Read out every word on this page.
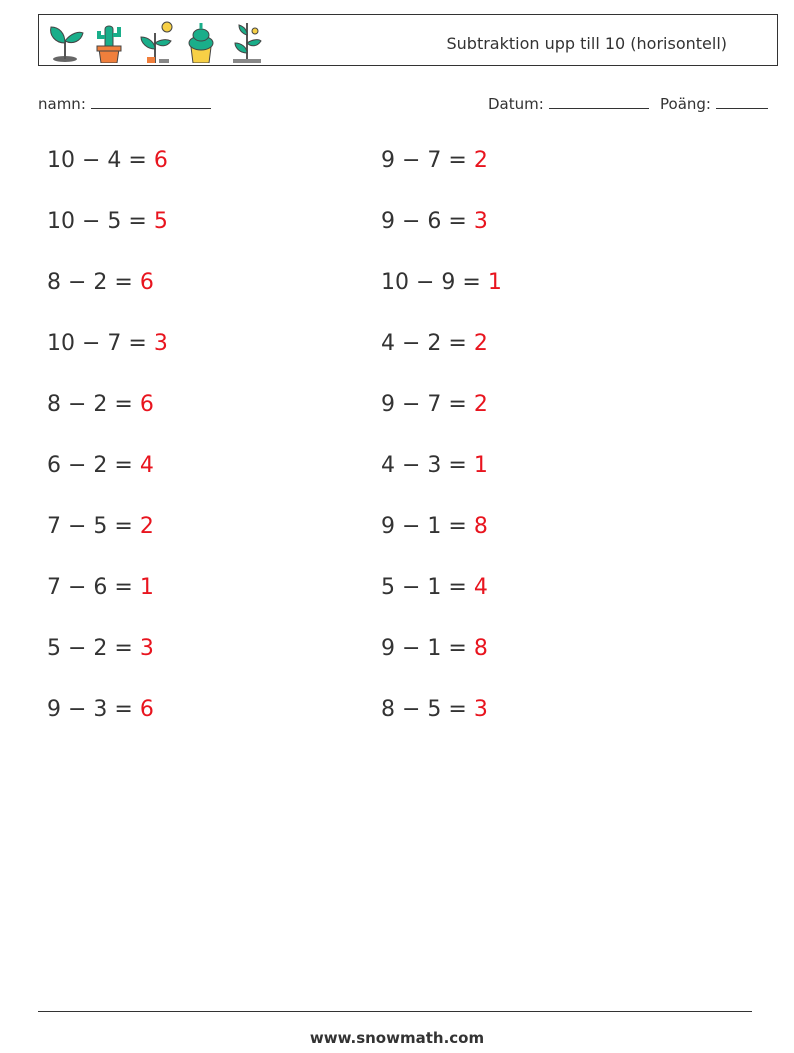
Subtraktion upp till 10 (horisontell)
namn:	Datum:	Poäng:
10 − 4 = 6	9 − 7 = 2
10 − 5 = 5	9 − 6 = 3
8 − 2 = 6	10 − 9 = 1
10 − 7 = 3	4 − 2 = 2
8 − 2 = 6	9 − 7 = 2
6 − 2 = 4	4 − 3 = 1
7 − 5 = 2	9 − 1 = 8
7 − 6 = 1	5 − 1 = 4
5 − 2 = 3	9 − 1 = 8
9 − 3 = 6	8 − 5 = 3
www.snowmath.com
